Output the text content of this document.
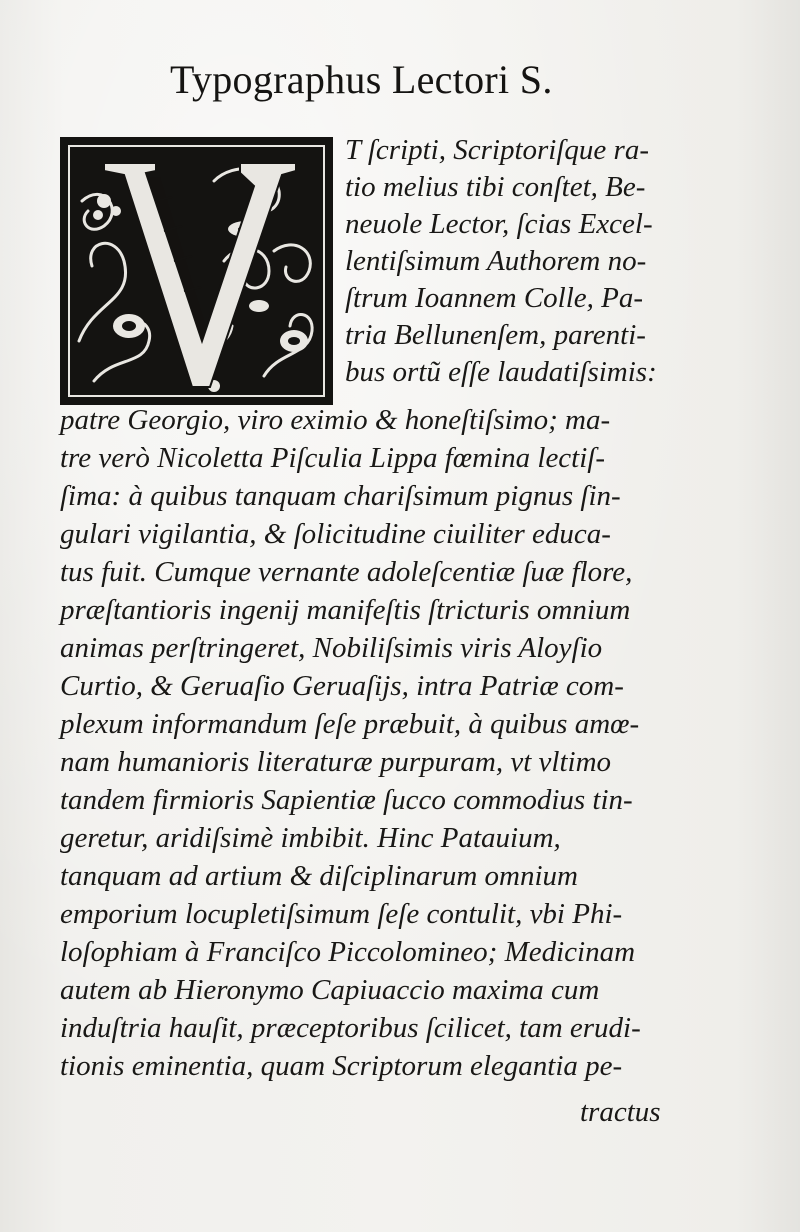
Typographus Lectori S.

T ſcripti, Scriptoriſque ra-

tio melius tibi conſtet, Be-

neuole Lector, ſcias Excel-

lentiſsimum Authorem no-

ſtrum Ioannem Colle, Pa-

tria Bellunenſem, parenti-

bus ortũ eſſe laudatiſsimis:

patre Georgio, viro eximio & honeſtiſsimo; ma-

tre verò Nicoletta Piſculia Lippa fœmina lectiſ-

ſima: à quibus tanquam chariſsimum pignus ſin-

gulari vigilantia, & ſolicitudine ciuiliter educa-

tus fuit. Cumque vernante adoleſcentiæ ſuæ flore,

præſtantioris ingenij manifeſtis ſtricturis omnium

animas perſtringeret, Nobiliſsimis viris Aloyſio

Curtio, & Geruaſio Geruaſijs, intra Patriæ com-

plexum informandum ſeſe præbuit, à quibus amœ-

nam humanioris literaturæ purpuram, vt vltimo

tandem firmioris Sapientiæ ſucco commodius tin-

geretur, aridiſsimè imbibit. Hinc Patauium,

tanquam ad artium & diſciplinarum omnium

emporium locupletiſsimum ſeſe contulit, vbi Phi-

loſophiam à Franciſco Piccolomineo; Medicinam

autem ab Hieronymo Capiuaccio maxima cum

induſtria hauſit, præceptoribus ſcilicet, tam erudi-

tionis eminentia, quam Scriptorum elegantia pe-

tractus
